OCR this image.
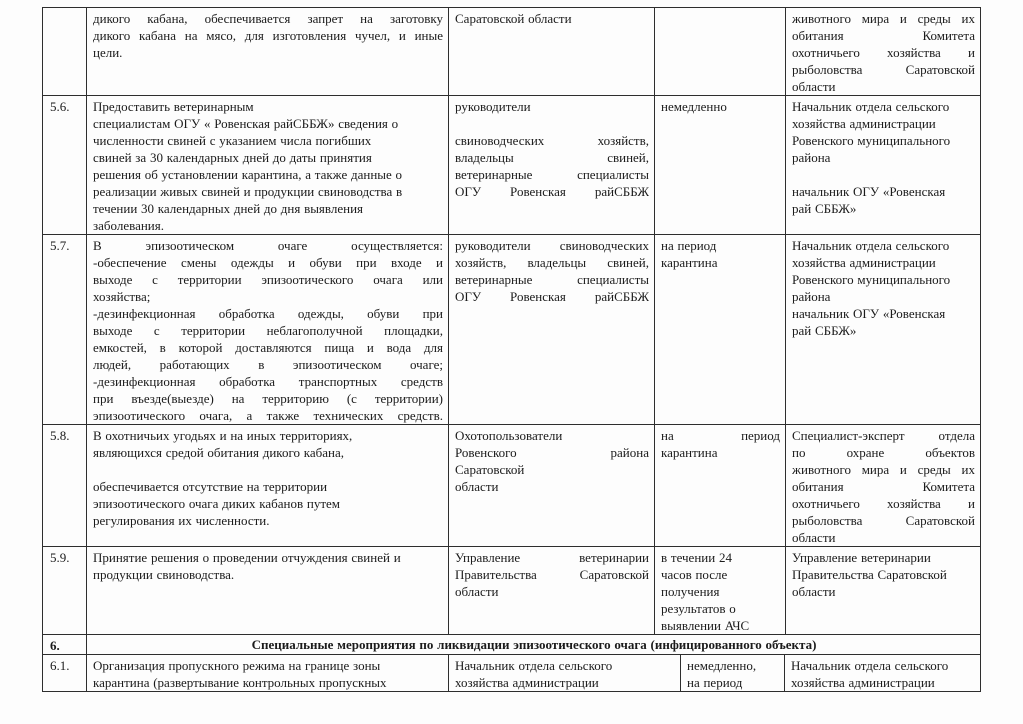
	дикого кабана, обеспечивается запрет на заготовку
дикого кабана на мясо, для изготовления чучел, и иные
цели.	Саратовской области		животного мира и среды их
обитания Комитета
охотничьего хозяйства и
рыболовства Саратовской
области
5.6.	Предоставить ветеринарным
специалистам ОГУ « Ровенская райСББЖ» сведения о
численности свиней с указанием числа погибших
свиней за 30 календарных дней до даты принятия
решения об установлении карантина, а также данные о
реализации живых свиней и продукции свиноводства в
течении 30 календарных дней до дня выявления
заболевания.	руководители

свиноводческих хозяйств,
владельцы свиней,
ветеринарные специалисты
ОГУ Ровенская райСББЖ	немедленно	Начальник отдела сельского
хозяйства администрации
Ровенского муниципального
района

начальник ОГУ «Ровенская
рай СББЖ»
5.7.	В эпизоотическом очаге осуществляется:
-обеспечение смены одежды и обуви при входе и
выходе с территории эпизоотического очага или
хозяйства;
-дезинфекционная обработка одежды, обуви при
выходе с территории неблагополучной площадки,
емкостей, в которой доставляются пища и вода для
людей, работающих в эпизоотическом очаге;
-дезинфекционная обработка транспортных средств
при въезде(выезде) на территорию (с территории)
эпизоотического очага, а также технических средств.	руководители свиноводческих
хозяйств, владельцы свиней,
ветеринарные специалисты
ОГУ Ровенская райСББЖ	на период
карантина	Начальник отдела сельского
хозяйства администрации
Ровенского муниципального
района
начальник ОГУ «Ровенская
рай СББЖ»
5.8.	В охотничьих угодьях и на иных территориях,
являющихся средой обитания дикого кабана,

обеспечивается отсутствие на территории
эпизоотического очага диких кабанов путем
регулирования их численности.	Охотопользователи
Ровенского района
Саратовской
области	на период
карантина	Специалист-эксперт отдела
по охране объектов
животного мира и среды их
обитания Комитета
охотничьего хозяйства и
рыболовства Саратовской
области
5.9.	Принятие решения о проведении отчуждения свиней и
продукции свиноводства.	Управление ветеринарии
Правительства Саратовской
области	в течении 24
часов после
получения
результатов о
выявлении АЧС	Управление ветеринарии
Правительства Саратовской
области
6.	Специальные мероприятия по ликвидации эпизоотического очага (инфицированного объекта)			
6.1.	Организация пропускного режима на границе зоны
карантина (развертывание контрольных пропускных	Начальник отдела сельского
хозяйства администрации	немедленно,
на период	Начальник отдела сельского
хозяйства администрации
